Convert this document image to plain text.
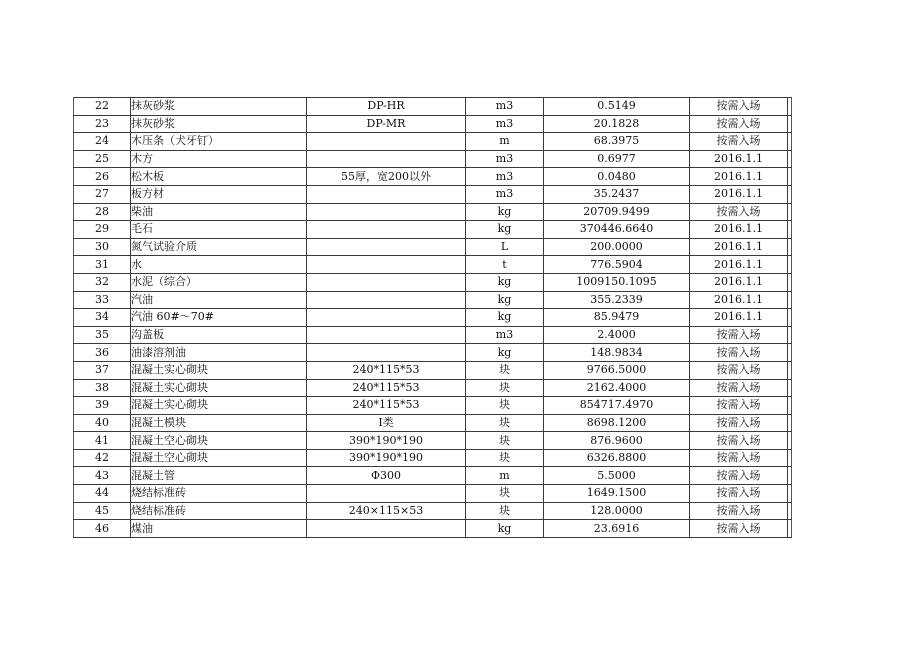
22	抹灰砂浆	DP-HR	m3	0.5149	按需入场	
23	抹灰砂浆	DP-MR	m3	20.1828	按需入场	
24	木压条（犬牙钉）		m	68.3975	按需入场	
25	木方		m3	0.6977	2016.1.1	
26	松木板	55厚，宽200以外	m3	0.0480	2016.1.1	
27	板方材		m3	35.2437	2016.1.1	
28	柴油		kg	20709.9499	按需入场	
29	毛石		kg	370446.6640	2016.1.1	
30	氮气试验介质		L	200.0000	2016.1.1	
31	水		t	776.5904	2016.1.1	
32	水泥（综合）		kg	1009150.1095	2016.1.1	
33	汽油		kg	355.2339	2016.1.1	
34	汽油 60#～70#		kg	85.9479	2016.1.1	
35	沟盖板		m3	2.4000	按需入场	
36	油漆溶剂油		kg	148.9834	按需入场	
37	混凝土实心砌块	240*115*53	块	9766.5000	按需入场	
38	混凝土实心砌块	240*115*53	块	2162.4000	按需入场	
39	混凝土实心砌块	240*115*53	块	854717.4970	按需入场	
40	混凝土模块	I类	块	8698.1200	按需入场	
41	混凝土空心砌块	390*190*190	块	876.9600	按需入场	
42	混凝土空心砌块	390*190*190	块	6326.8800	按需入场	
43	混凝土管	Φ300	m	5.5000	按需入场	
44	烧结标准砖		块	1649.1500	按需入场	
45	烧结标准砖	240×115×53	块	128.0000	按需入场	
46	煤油		kg	23.6916	按需入场	
